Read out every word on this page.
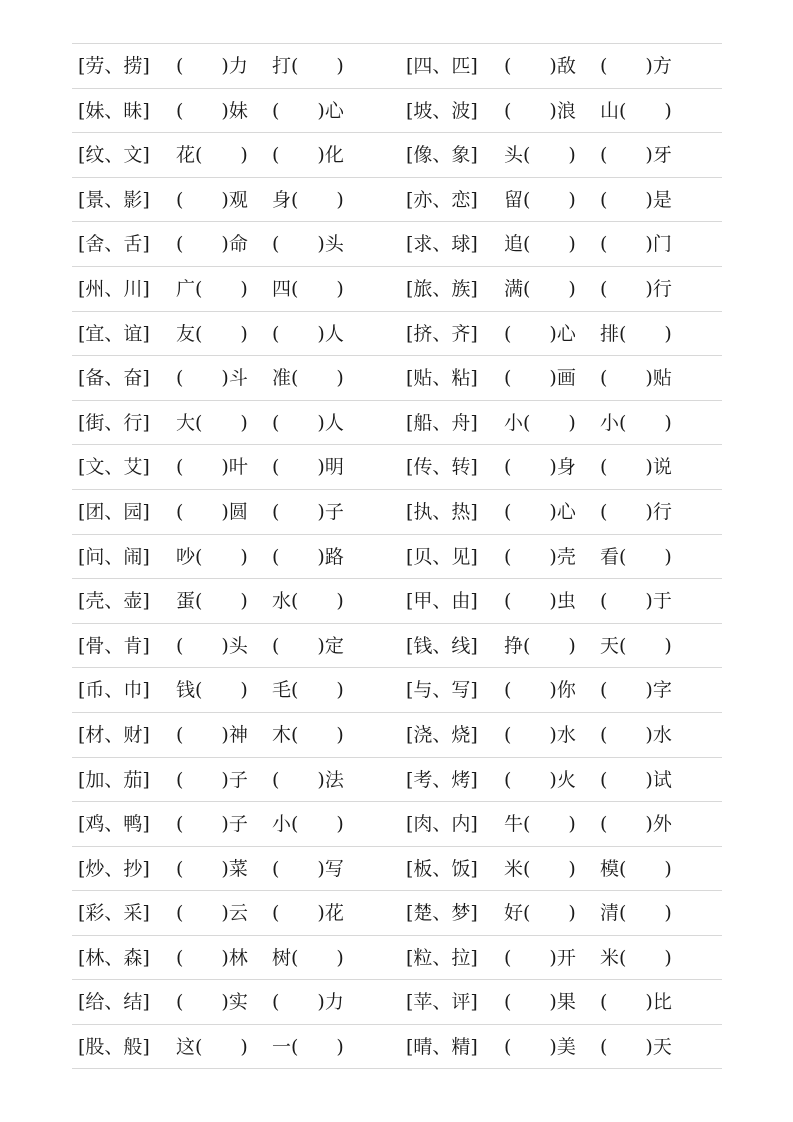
[劳、捞] (　　)力 打(　　)	[四、匹] (　　)敌 (　　)方
[妹、昧] (　　)妹 (　　)心	[坡、波] (　　)浪 山(　　)
[纹、文] 花(　　) (　　)化	[像、象] 头(　　) (　　)牙
[景、影] (　　)观 身(　　)	[亦、恋] 留(　　) (　　)是
[舍、舌] (　　)命 (　　)头	[求、球] 追(　　) (　　)门
[州、川] 广(　　) 四(　　)	[旅、族] 满(　　) (　　)行
[宜、谊] 友(　　) (　　)人	[挤、齐] (　　)心 排(　　)
[备、奋] (　　)斗 准(　　)	[贴、粘] (　　)画 (　　)贴
[街、行] 大(　　) (　　)人	[船、舟] 小(　　) 小(　　)
[文、艾] (　　)叶 (　　)明	[传、转] (　　)身 (　　)说
[团、园] (　　)圆 (　　)子	[执、热] (　　)心 (　　)行
[问、闹] 吵(　　) (　　)路	[贝、见] (　　)壳 看(　　)
[壳、壶] 蛋(　　) 水(　　)	[甲、由] (　　)虫 (　　)于
[骨、肯] (　　)头 (　　)定	[钱、线] 挣(　　) 天(　　)
[币、巾] 钱(　　) 毛(　　)	[与、写] (　　)你 (　　)字
[材、财] (　　)神 木(　　)	[浇、烧] (　　)水 (　　)水
[加、茄] (　　)子 (　　)法	[考、烤] (　　)火 (　　)试
[鸡、鸭] (　　)子 小(　　)	[肉、内] 牛(　　) (　　)外
[炒、抄] (　　)菜 (　　)写	[板、饭] 米(　　) 模(　　)
[彩、采] (　　)云 (　　)花	[楚、梦] 好(　　) 清(　　)
[林、森] (　　)林 树(　　)	[粒、拉] (　　)开 米(　　)
[给、结] (　　)实 (　　)力	[苹、评] (　　)果 (　　)比
[股、般] 这(　　) 一(　　)	[晴、精] (　　)美 (　　)天
